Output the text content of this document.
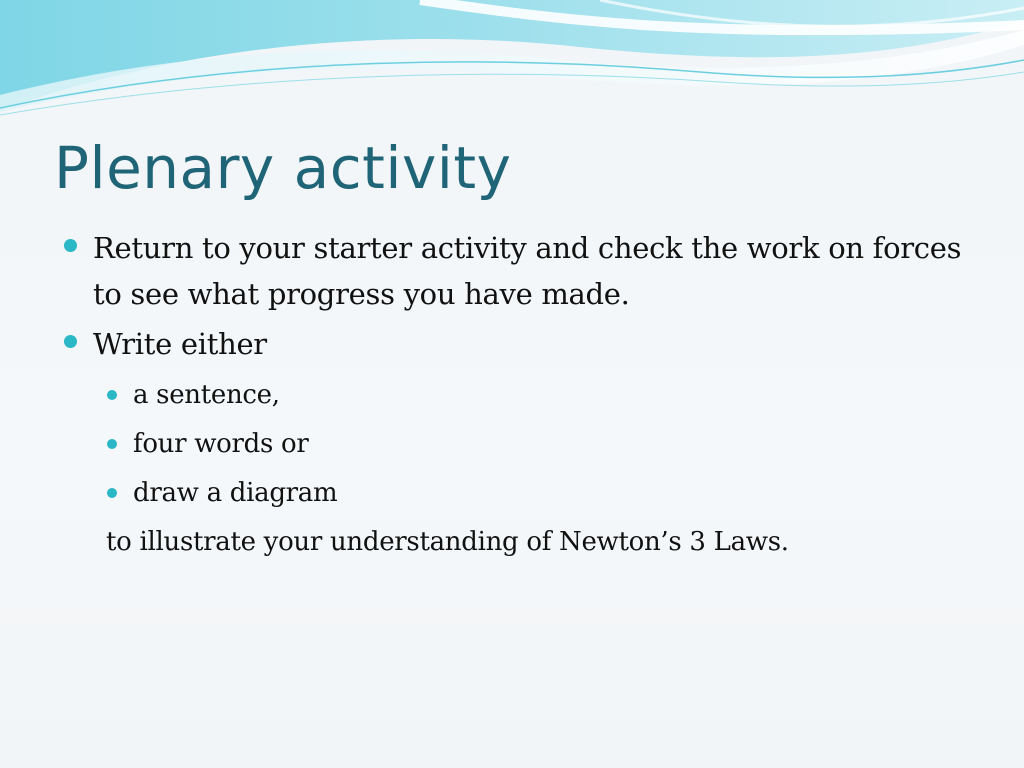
Plenary activity

Return to your starter activity and check the work on forces to see what progress you have made.

Write either

a sentence,

four words or

draw a diagram

to illustrate your understanding of Newton’s 3 Laws.
